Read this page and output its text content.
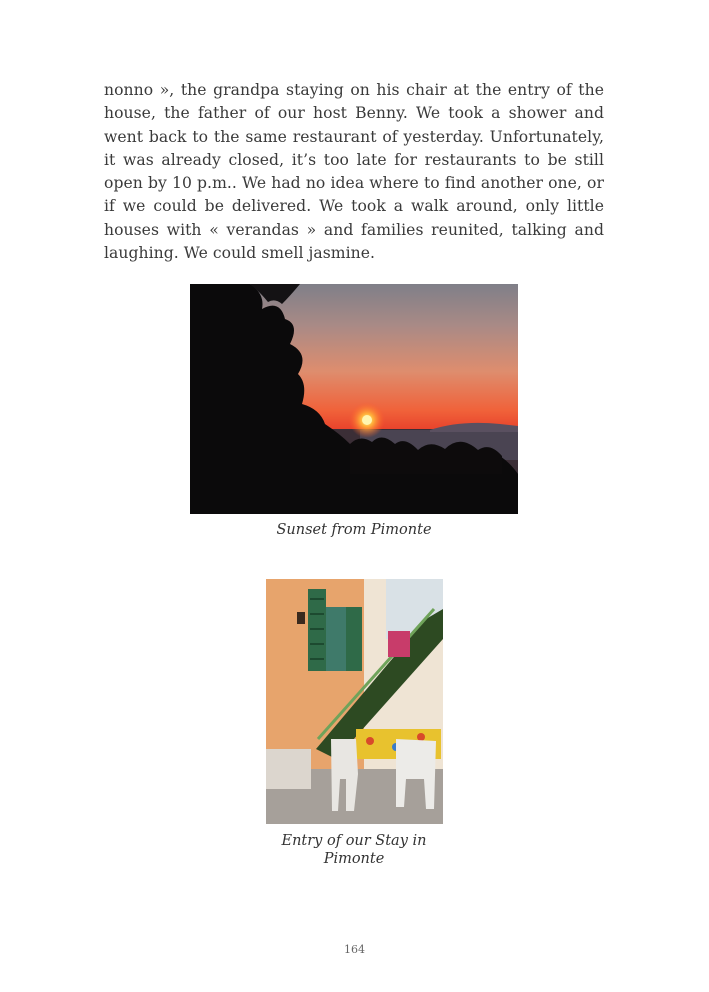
nonno », the grandpa staying on his chair at the entry of the house, the father of our host Benny. We took a shower and went back to the same restaurant of yesterday. Unfortunately, it was already closed, it’s too late for restaurants to be still open by 10 p.m.. We had no idea where to find another one, or if we could be delivered. We took a walk around, only little houses with « verandas » and families reunited, talking and laughing. We could smell jasmine.

Sunset from Pimonte

Entry of our Stay in Pimonte

164
